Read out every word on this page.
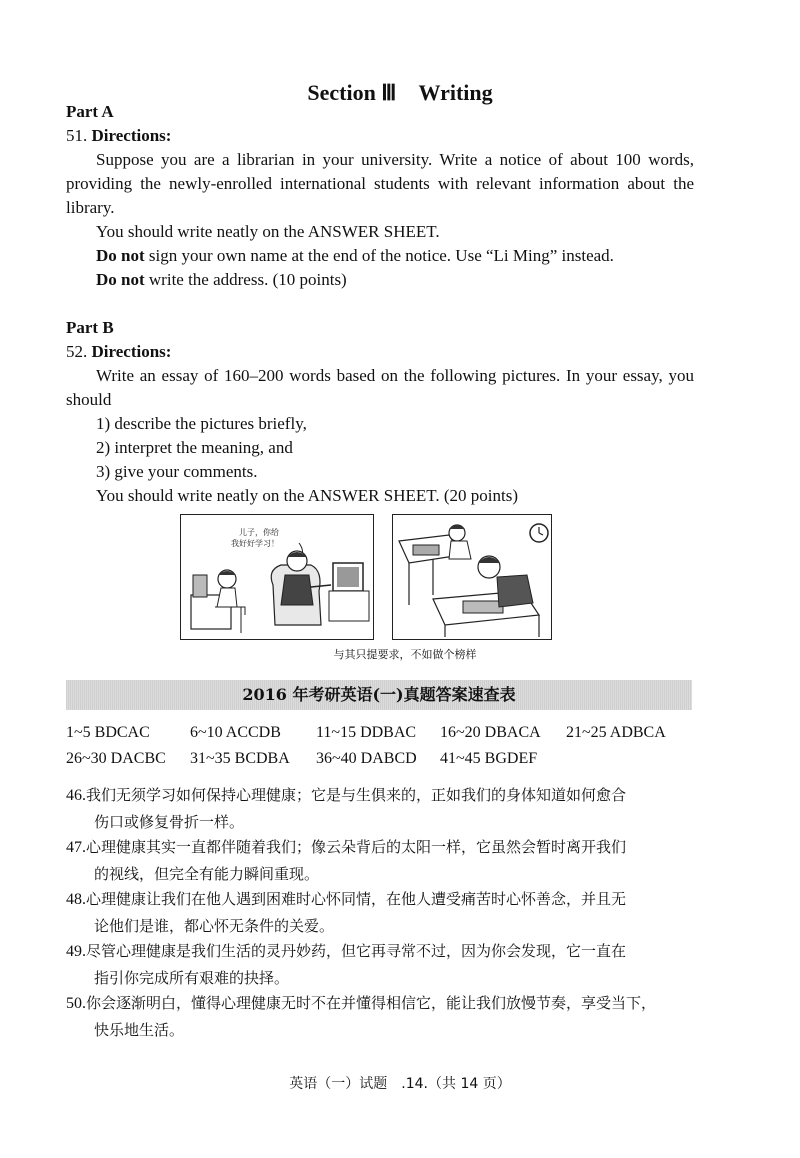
Section Ⅲ　Writing
Part A
51. Directions:
Suppose you are a librarian in your university. Write a notice of about 100 words, providing the newly-enrolled international students with relevant information about the library.
You should write neatly on the ANSWER SHEET.
Do not sign your own name at the end of the notice. Use “Li Ming” instead.
Do not write the address. (10 points)
Part B
52. Directions:
Write an essay of 160–200 words based on the following pictures. In your essay, you should
1) describe the pictures briefly,
2) interpret the meaning, and
3) give your comments.
You should write neatly on the ANSWER SHEET. (20 points)
儿子，你给
我好好学习！
与其只提要求，不如做个榜样
2016 年考研英语(一)真题答案速查表
1~5 BDCAC	6~10 ACCDB 11~15 DDBAC 16~20 DBACA 21~25 ADBCA
26~30 DACBC 31~35 BCDBA 36~40 DABCD 41~45 BGDEF
46.我们无须学习如何保持心理健康；它是与生俱来的，正如我们的身体知道如何愈合
伤口或修复骨折一样。
47.心理健康其实一直都伴随着我们；像云朵背后的太阳一样，它虽然会暂时离开我们
的视线，但完全有能力瞬间重现。
48.心理健康让我们在他人遇到困难时心怀同情，在他人遭受痛苦时心怀善念，并且无
论他们是谁，都心怀无条件的关爱。
49.尽管心理健康是我们生活的灵丹妙药，但它再寻常不过，因为你会发现，它一直在
指引你完成所有艰难的抉择。
50.你会逐渐明白，懂得心理健康无时不在并懂得相信它，能让我们放慢节奏，享受当下，
快乐地生活。
英语（一）试题　.14.（共 14 页）
